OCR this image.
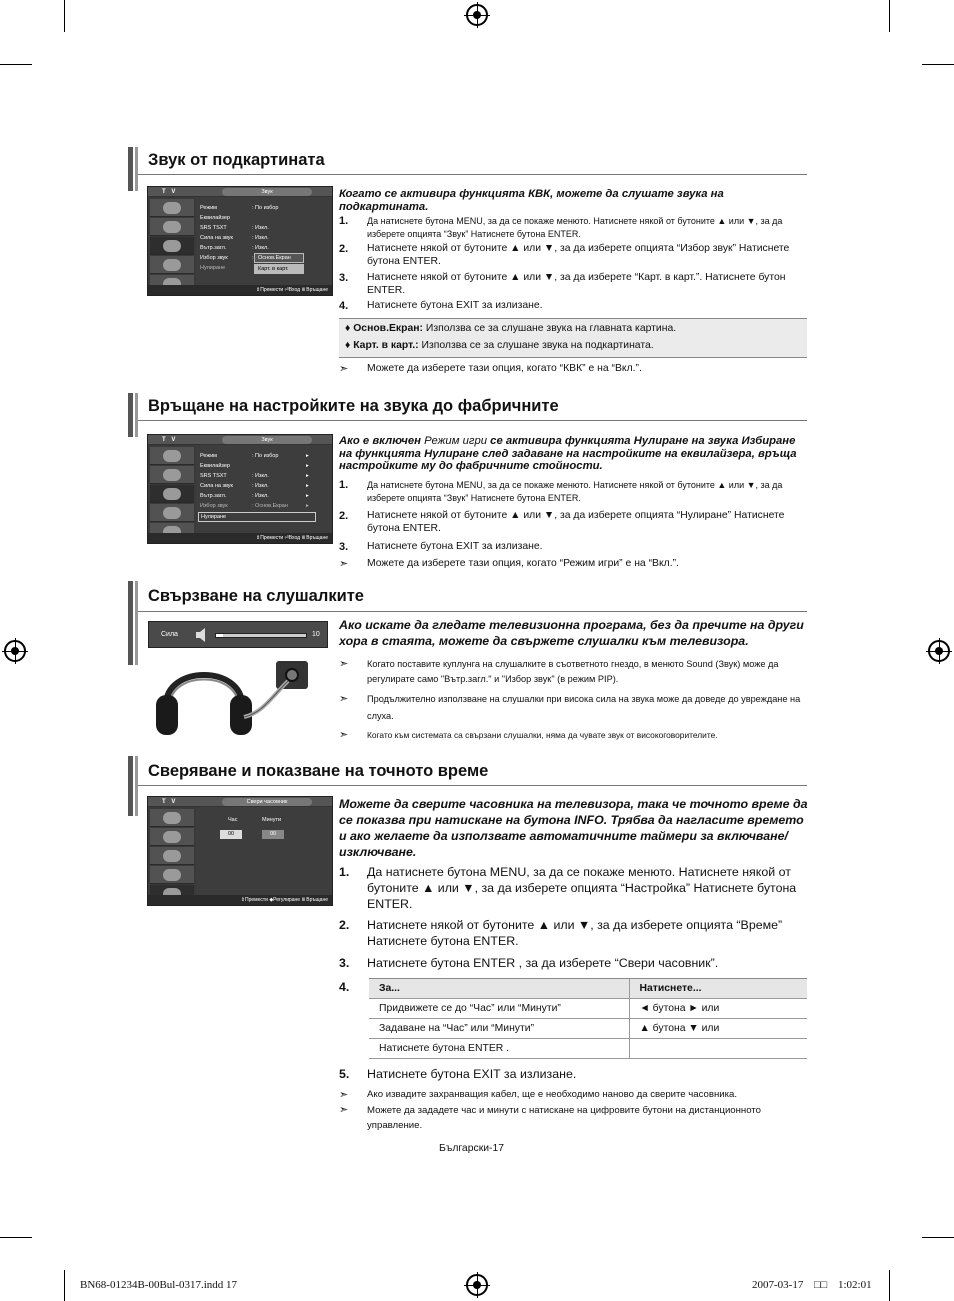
Звук от подкартината
T V	Звук
Режим	: По избор
Еквилайзер
SRS TSXT	: Изкл.
Сила на звук	: Изкл.
Вътр.загл.	: Изкл.
Избор звук	:
Нулиране
Основ.Екран
Карт. в карт.
⇕Премести ⏎Вход Ⅲ Връщане
Когато се активира функцията КВК, можете да слушате звука на подкартината.
1. Да натиснете бутона MENU, за да се покаже менюто. Натиснете някой от бутоните ▲ или ▼, за да изберете опцията “Звук” Натиснете бутона ENTER.
2. Натиснете някой от бутоните ▲ или ▼, за да изберете опцията “Избор звук” Натиснете бутона ENTER.
3. Натиснете някой от бутоните ▲ или ▼, за да изберете “Карт. в карт.”. Натиснете бутон ENTER.
4. Натиснете бутона EXIT за излизане.
♦ Основ.Екран: Използва се за слушане звука на главната картина.
♦ Карт. в карт.: Използва се за слушане звука на подкартината.
➣ Можете да изберете тази опция, когато “КВК” е на “Вкл.”.
Връщане на настройките на звука до фабричните
T V	Звук
Режим	: По избор	▸
Еквилайзер	▸
SRS TSXT	: Изкл.	▸
Сила на звук	: Изкл.	▸
Вътр.загл.	: Изкл.	▸
Избор звук	: Основ.Екран	▸
Нулиране
⇕Премести ⏎Вход Ⅲ Връщане
Ако е включен Режим игри се активира функцията Нулиране на звука Избиране на функцията Нулиране след задаване на настройките на еквилайзера, връща настройките му до фабричните стойности.
1. Да натиснете бутона MENU, за да се покаже менюто. Натиснете някой от бутоните ▲ или ▼, за да изберете опцията “Звук” Натиснете бутона ENTER.
2. Натиснете някой от бутоните ▲ или ▼, за да изберете опцията “Нулиране” Натиснете бутона ENTER.
3. Натиснете бутона EXIT за излизане.
➣ Можете да изберете тази опция, когато “Режим игри” е на “Вкл.”.
Свързване на слушалките
Сила	10
Ако искате да гледате телевизионна програма, без да пречите на други хора в стаята, можете да свържете слушалки към телевизора.
➣ Когато поставите куплунга на слушалките в съответното гнездо, в менюто Sound (Звук) може да регулирате само "Вътр.загл." и "Избор звук" (в режим PIP).
➣ Продължително използване на слушалки при висока сила на звука може да доведе до увреждане на слуха.
➣ Когато към системата са свързани слушалки, няма да чувате звук от високоговорителите.
Сверяване и показване на точното време
T V	Свери часовник
Час	Минути
00	00
⇕Премести ◆Регулиране Ⅲ Връщане
Можете да сверите часовника на телевизора, така че точното време да се показва при натискане на бутона INFO. Трябва да нагласите времето и ако желаете да използвате автоматичните таймери за включване/изключване.
1. Да натиснете бутона MENU, за да се покаже менюто. Натиснете някой от бутоните ▲ или ▼, за да изберете опцията “Настройка” Натиснете бутона ENTER.
2. Натиснете някой от бутоните ▲ или ▼, за да изберете опцията “Време” Натиснете бутона ENTER.
3. Натиснете бутона ENTER , за да изберете “Свери часовник”.
4.	За...	Натиснете...
Придвижете се до “Час” или “Минути”	◄ бутона ► или
Задаване на “Час” или “Минути”	▲ бутона ▼ или
Натиснете бутона ENTER .	
5. Натиснете бутона EXIT за излизане.
➣ Ако извадите захранващия кабел, ще е необходимо наново да сверите часовника.
➣ Можете да зададете час и минути с натискане на цифровите бутони на дистанционното управление.
Български-17
BN68-01234B-00Bul-0317.indd 17	2007-03-17 □□ 1:02:01
